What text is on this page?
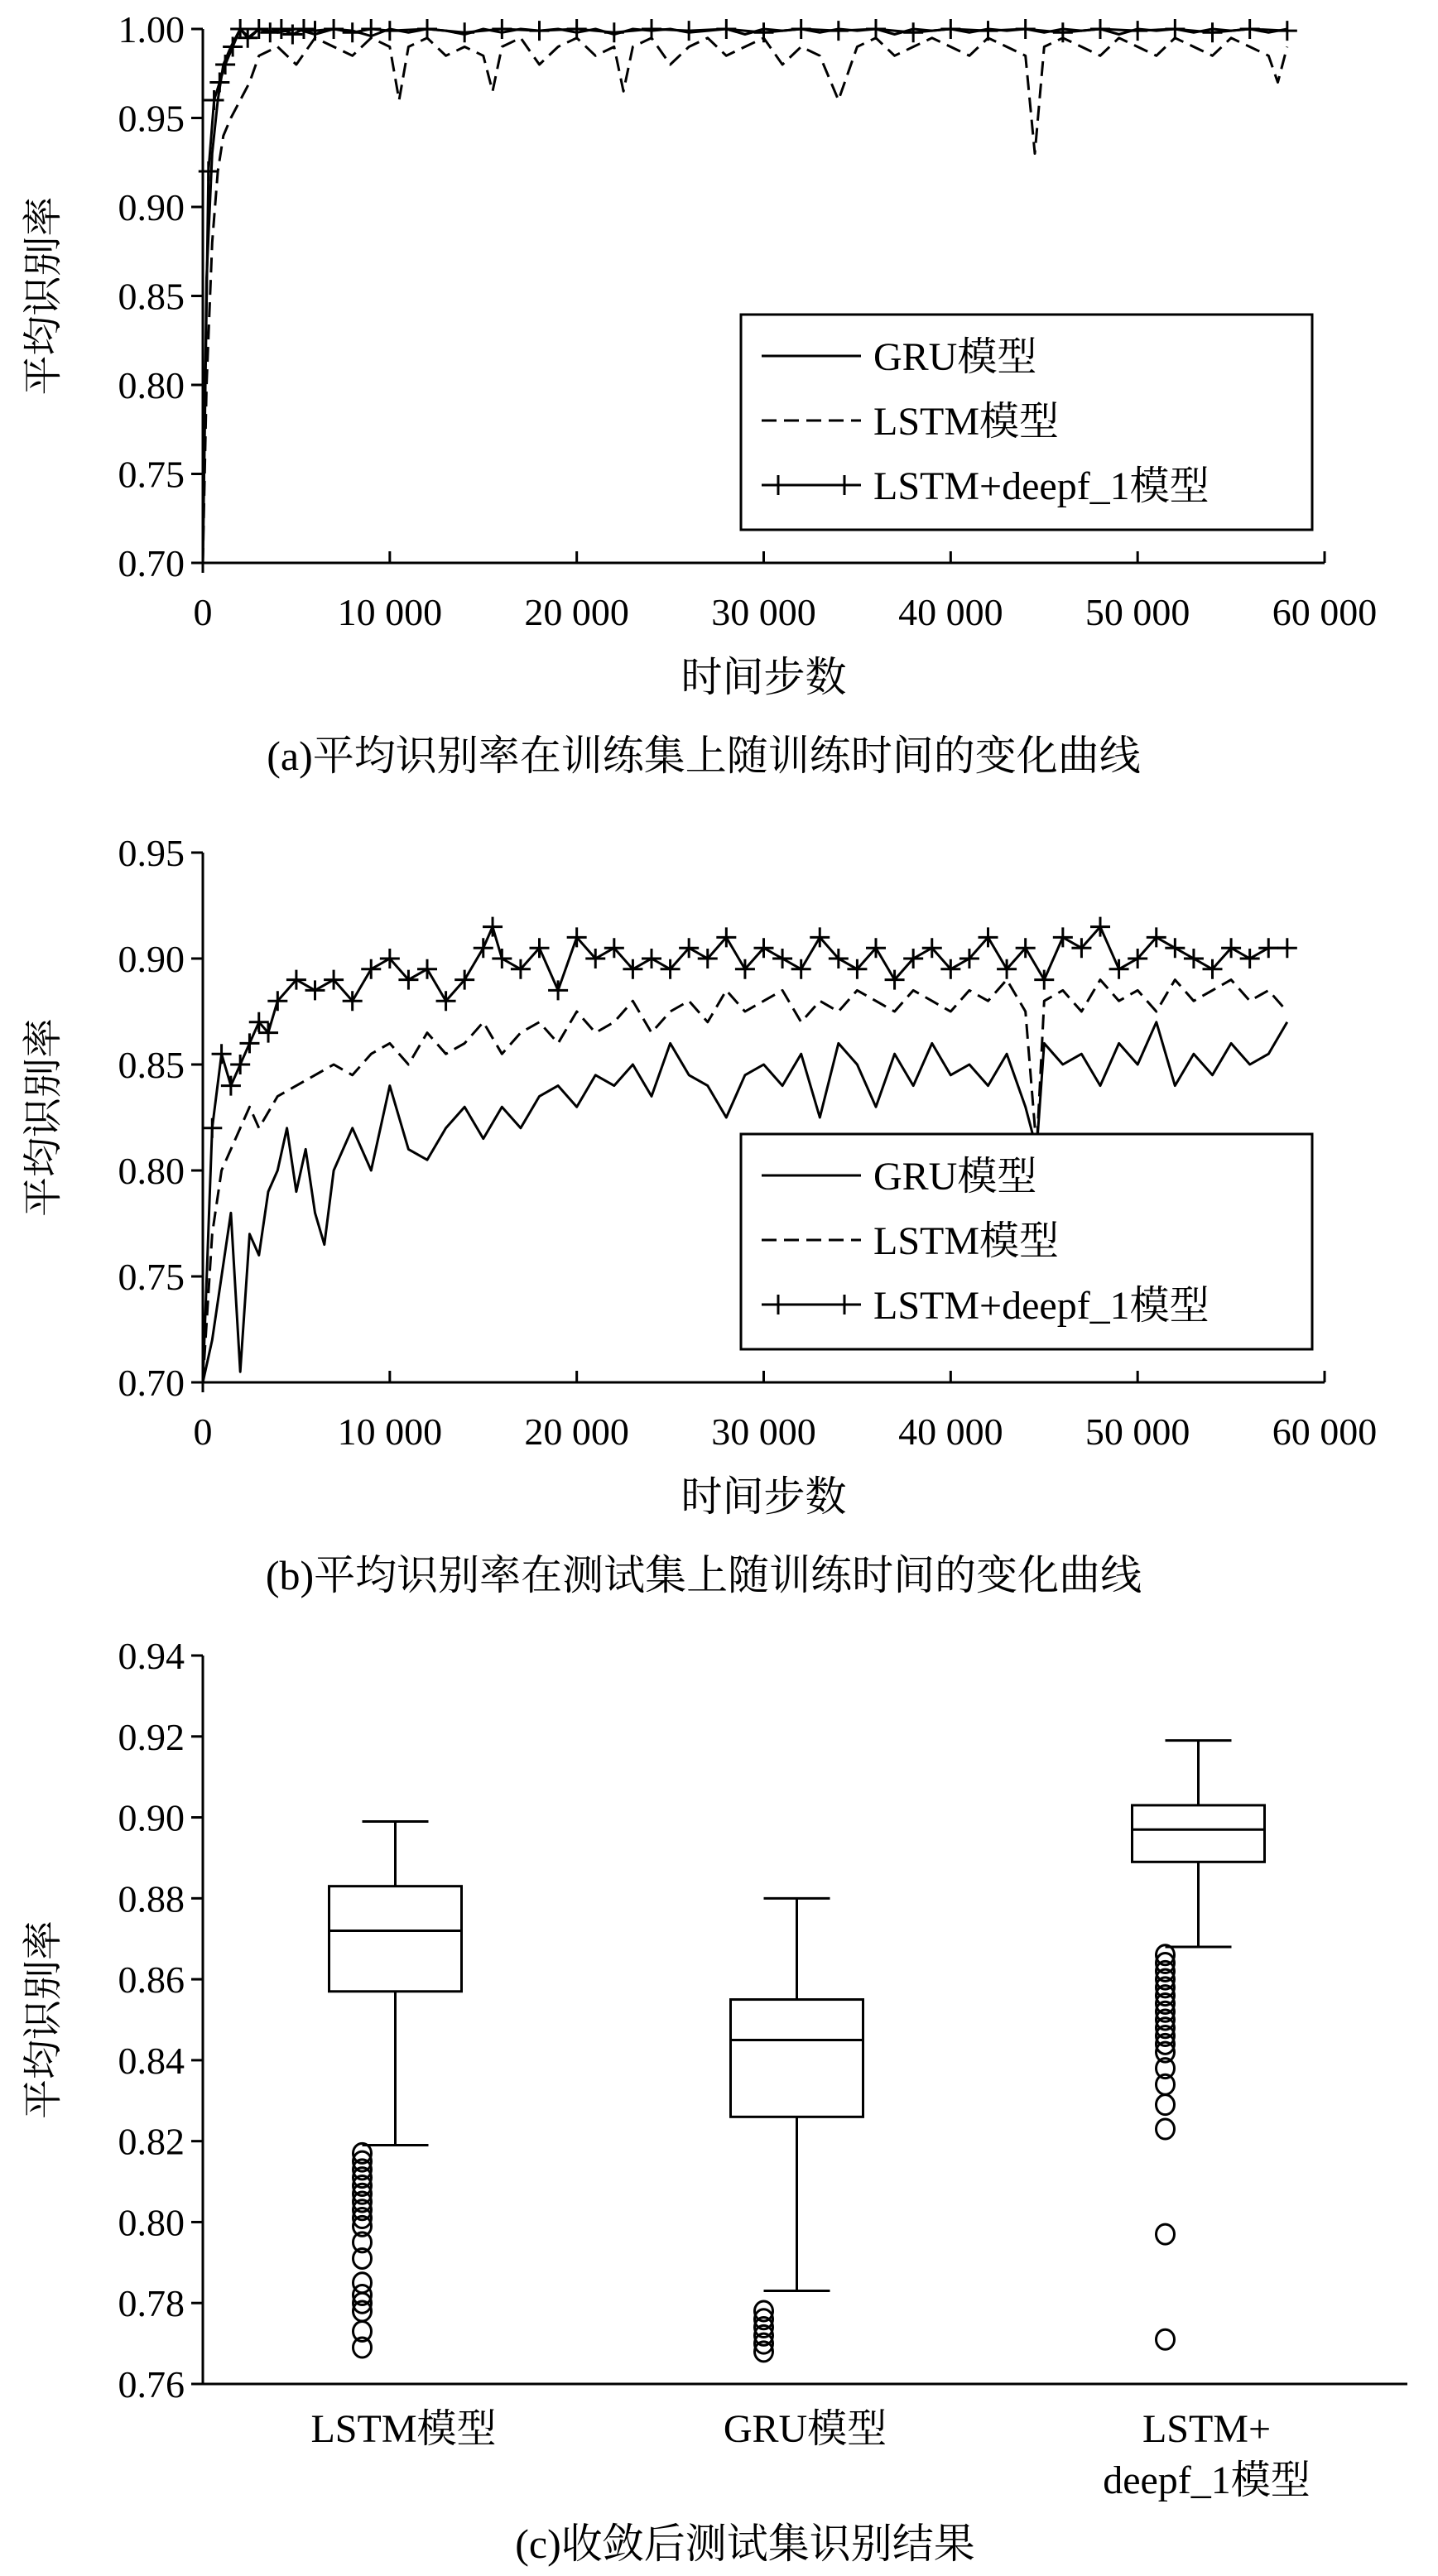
0.70
0.75
0.80
0.85
0.90
0.95
1.00
平均识别率
0	10 000 20 000 30 000 40 000 50 000 60 000
时间步数
GRU模型
LSTM模型
LSTM+deepf_1模型
(a)平均识别率在训练集上随训练时间的变化曲线
0.70
0.75
0.80
0.85
0.90
0.95
平均识别率
0	10 000 20 000 30 000 40 000 50 000 60 000
时间步数
GRU模型
LSTM模型
LSTM+deepf_1模型
(b)平均识别率在测试集上随训练时间的变化曲线
0.76
0.78
0.80
0.82
0.84
0.86
0.88
0.90
0.92
0.94
平均识别率
LSTM模型	GRU模型	LSTM+
deepf_1模型
(c)收敛后测试集识别结果
